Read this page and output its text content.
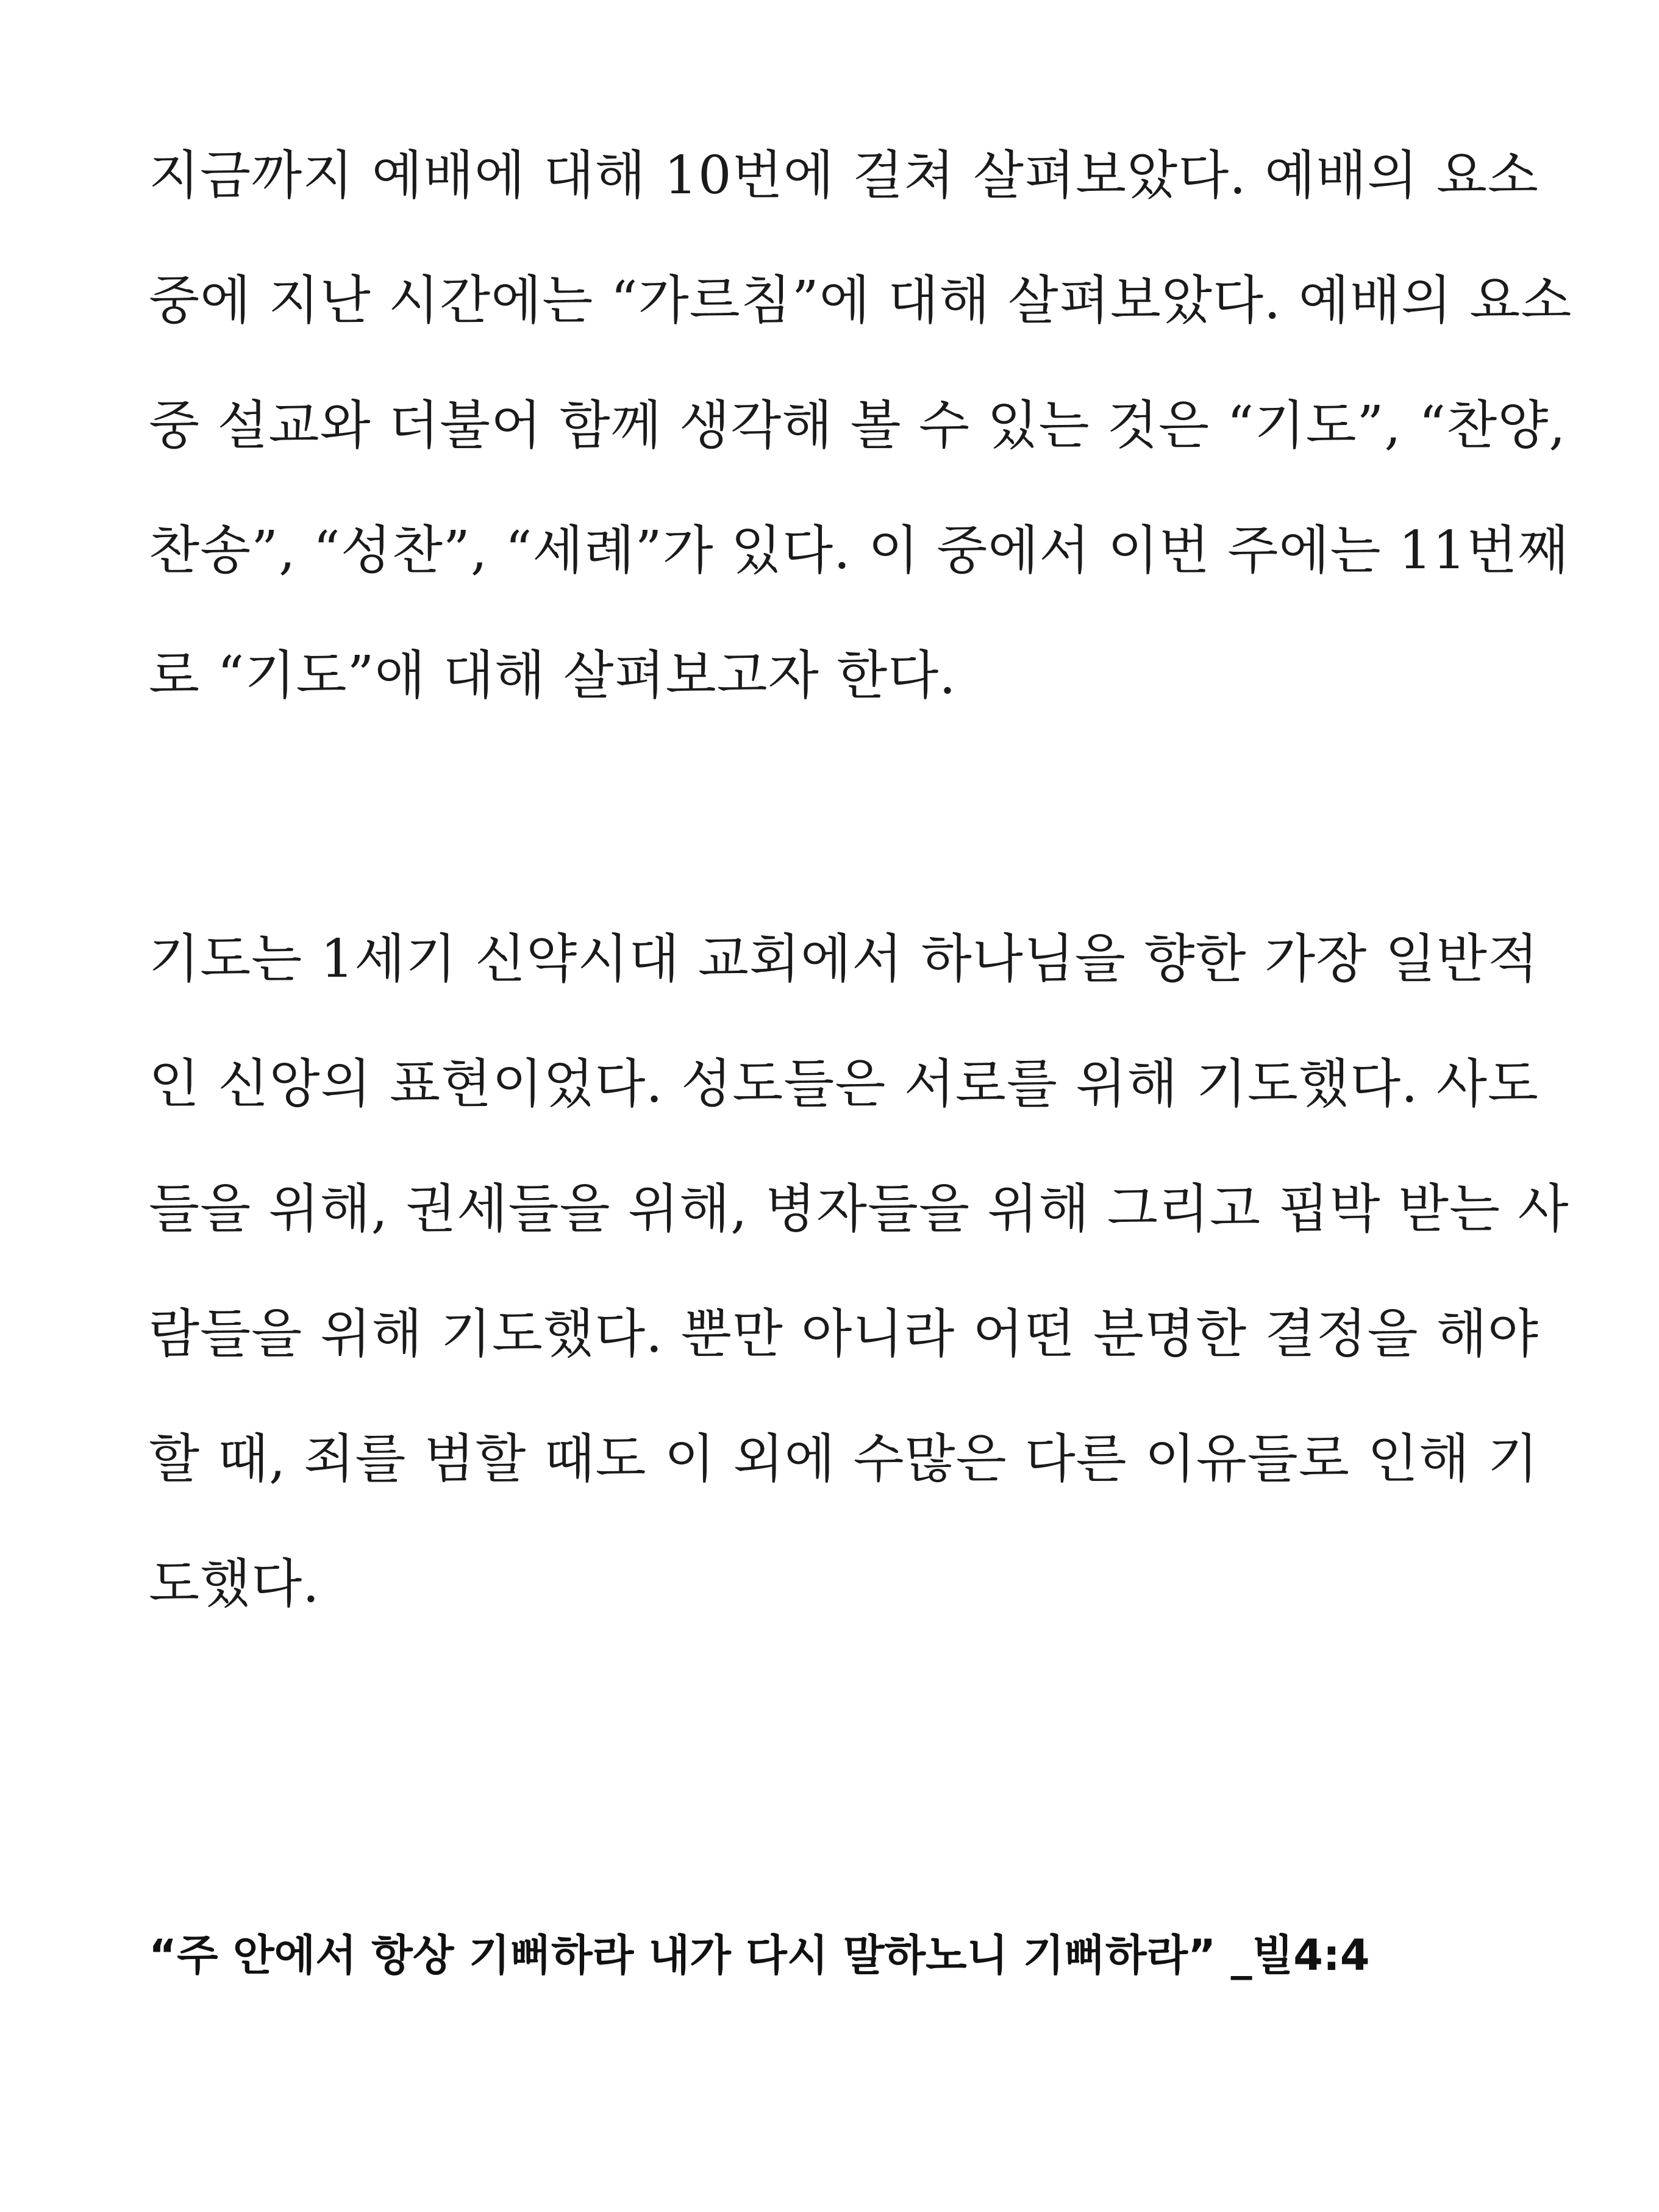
지금까지 예배에 대해 10번에 걸쳐 살펴보았다. 예배의 요소
중에 지난 시간에는 “가르침”에 대해 살펴보았다. 예배의 요소
중 설교와 더불어 함께 생각해 볼 수 있는 것은 “기도”, “찬양,
찬송”, “성찬”, “세례”가 있다. 이 중에서 이번 주에는 11번째
로 “기도”애 대해 살펴보고자 한다.
기도는 1세기 신약시대 교회에서 하나님을 향한 가장 일반적
인 신앙의 표현이었다. 성도들은 서로를 위해 기도했다. 사도
들을 위해, 권세들을 위해, 병자들을 위해 그리고 핍박 받는 사
람들을 위해 기도했다. 뿐만 아니라 어떤 분명한 결정을 해야
할 때, 죄를 범할 때도 이 외에 수많은 다른 이유들로 인해 기
도했다.
“주 안에서 항상 기뻐하라 내가 다시 말하노니 기뻐하라” _빌4:4
